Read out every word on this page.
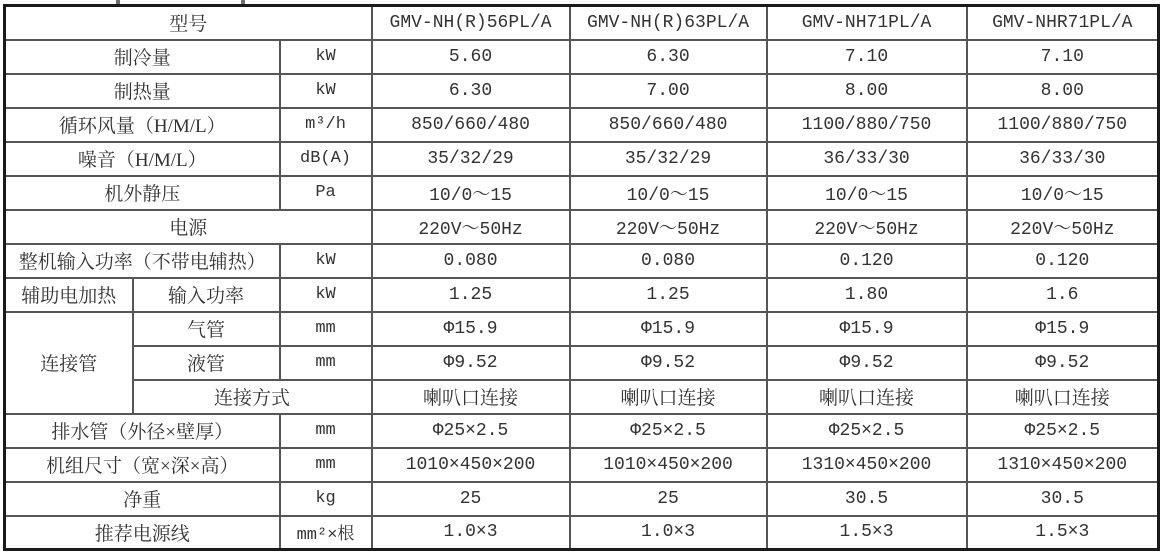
型号			GMV-NH(R)56PL/A	GMV-NH(R)63PL/A	GMV-NH71PL/A	GMV-NHR71PL/A
制冷量		kW	5.60	6.30	7.10	7.10
制热量		kW	6.30	7.00	8.00	8.00
循环风量（H/M/L）		m³/h	850/660/480	850/660/480	1100/880/750	1100/880/750
噪音（H/M/L）		dB(A)	35/32/29	35/32/29	36/33/30	36/33/30
机外静压		Pa	10/0～15	10/0～15	10/0～15	10/0～15
电源			220V～50Hz	220V～50Hz	220V～50Hz	220V～50Hz
整机输入功率（不带电辅热）		kW	0.080	0.080	0.120	0.120
辅助电加热	输入功率	kW	1.25	1.25	1.80	1.6
连接管	气管	mm	Φ15.9	Φ15.9	Φ15.9	Φ15.9
	液管	mm	Φ9.52	Φ9.52	Φ9.52	Φ9.52
	连接方式		喇叭口连接	喇叭口连接	喇叭口连接	喇叭口连接
排水管（外径×壁厚）		mm	Φ25×2.5	Φ25×2.5	Φ25×2.5	Φ25×2.5
机组尺寸（宽×深×高）		mm	1010×450×200	1010×450×200	1310×450×200	1310×450×200
净重		kg	25	25	30.5	30.5
推荐电源线		mm²×根	1.0×3	1.0×3	1.5×3	1.5×3
